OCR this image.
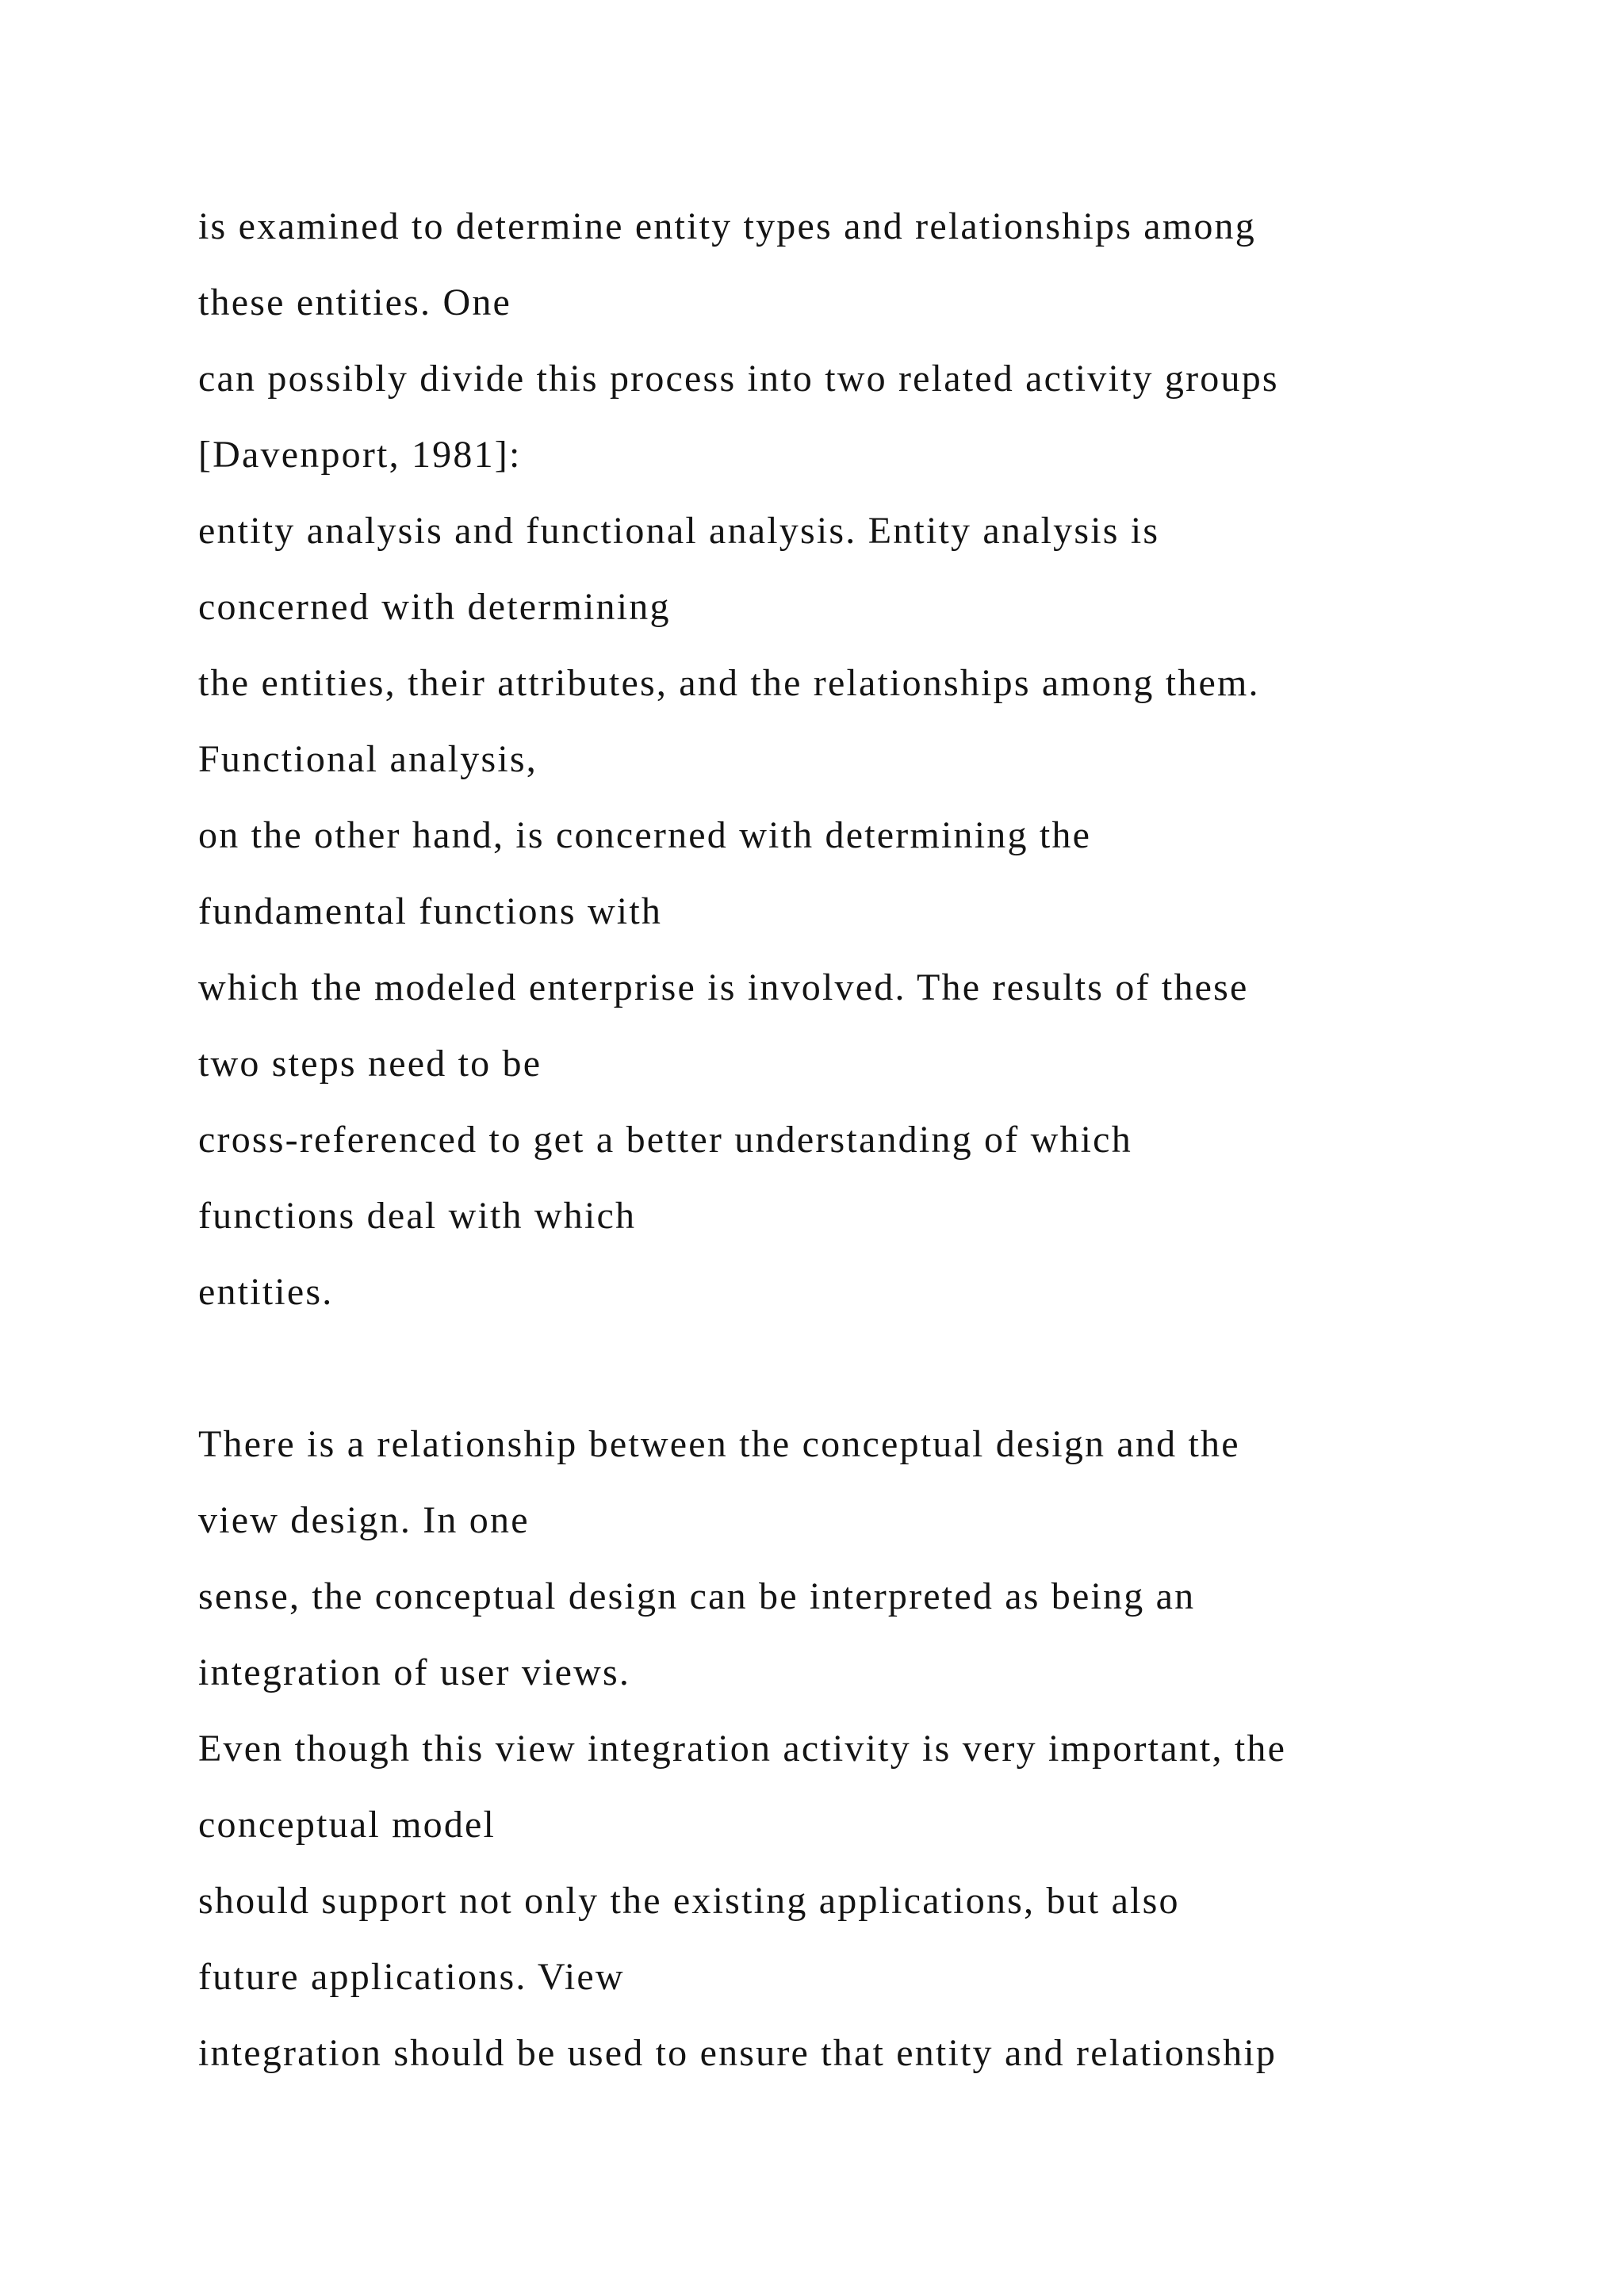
is examined to determine entity types and relationships among
these entities. One
can possibly divide this process into two related activity groups
[Davenport, 1981]:
entity analysis and functional analysis. Entity analysis is
concerned with determining
the entities, their attributes, and the relationships among them.
Functional analysis,
on the other hand, is concerned with determining the
fundamental functions with
which the modeled enterprise is involved. The results of these
two steps need to be
cross-referenced to get a better understanding of which
functions deal with which
entities.
There is a relationship between the conceptual design and the
view design. In one
sense, the conceptual design can be interpreted as being an
integration of user views.
Even though this view integration activity is very important, the
conceptual model
should support not only the existing applications, but also
future applications. View
integration should be used to ensure that entity and relationship
